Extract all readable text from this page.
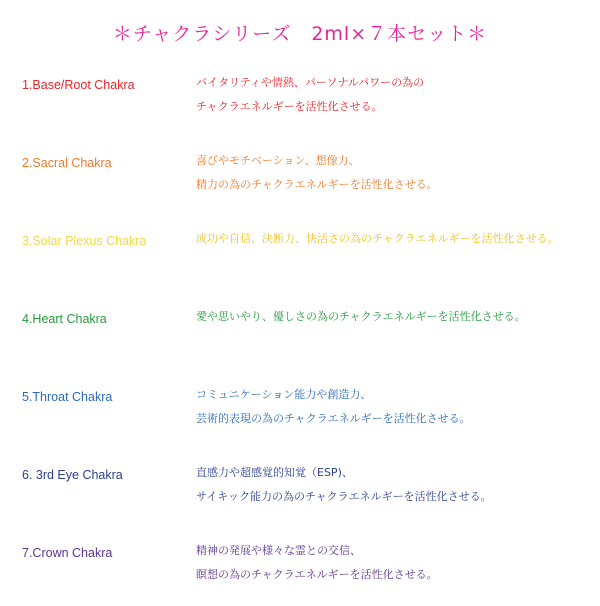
＊チャクラシリーズ　2ml×７本セット＊
1.Base/Root Chakra	バイタリティや情熱、パーソナルパワーの為の
チャクラエネルギーを活性化させる。
2.Sacral Chakra	喜びやモチベーション、想像力、
精力の為のチャクラエネルギーを活性化させる。
3.Solar Plexus Chakra	成功や自信、決断力、快活さの為のチャクラエネルギーを活性化させる。
4.Heart Chakra	愛や思いやり、優しさの為のチャクラエネルギーを活性化させる。
5.Throat Chakra	コミュニケーション能力や創造力、
芸術的表現の為のチャクラエネルギーを活性化させる。
6. 3rd Eye Chakra	直感力や超感覚的知覚（ESP)、
サイキック能力の為のチャクラエネルギーを活性化させる。
7.Crown Chakra	精神の発展や様々な霊との交信、
瞑想の為のチャクラエネルギーを活性化させる。
